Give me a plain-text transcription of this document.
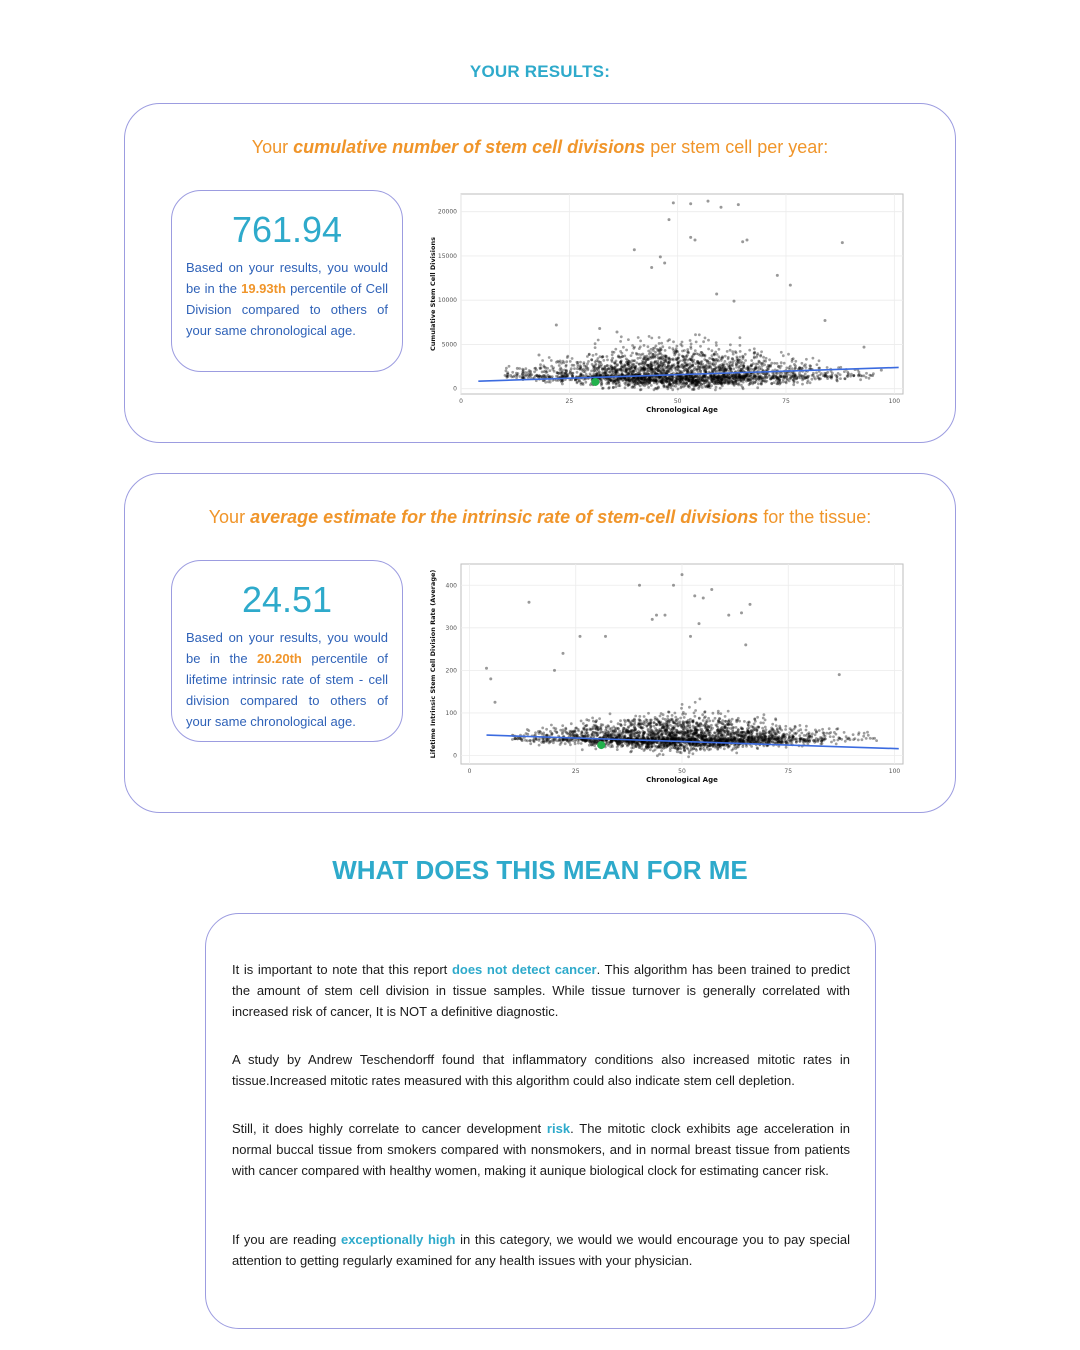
YOUR RESULTS:
Your cumulative number of stem cell divisions per stem cell per year:
761.94
Based on your results, you would be in the 19.93th percentile of Cell Division compared to others of your same chronological age.
0	25	50	75	100
0
5000
10000
15000
20000
Chronological Age
Cumulative Stem Cell Divisions
Your average estimate for the intrinsic rate of stem-cell divisions for the tissue:
24.51
Based on your results, you would be in the 20.20th percentile of lifetime intrinsic rate of stem - cell division compared to others of your same chronological age.
0	25	50	75	100
0
100
200
300
400
Chronological Age
Lifetime Intrinsic Stem Cell Division Rate (Average)
WHAT DOES THIS MEAN FOR ME

It is important to note that this report does not detect cancer. This algorithm has been trained to predict the amount of stem cell division in tissue samples. While tissue turnover is generally correlated with increased risk of cancer, It is NOT a definitive diagnostic.

A study by Andrew Teschendorff found that inflammatory conditions also increased mitotic rates in tissue.Increased mitotic rates measured with this algorithm could also indicate stem cell depletion.

Still, it does highly correlate to cancer development risk. The mitotic clock exhibits age acceleration in normal buccal tissue from smokers compared with nonsmokers, and in normal breast tissue from patients with cancer compared with healthy women, making it aunique biological clock for estimating cancer risk.

If you are reading exceptionally high in this category, we would we would encourage you to pay special attention to getting regularly examined for any health issues with your physician.
